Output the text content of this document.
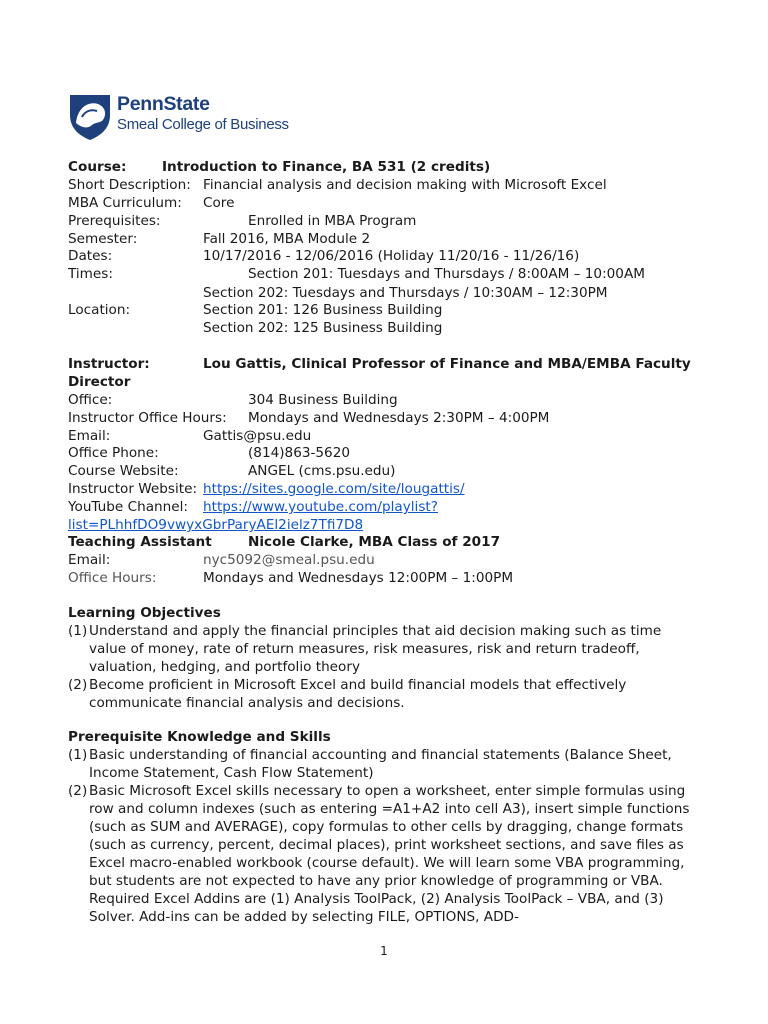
PennState
Smeal College of Business
Course:	Introduction to Finance, BA 531 (2 credits)
Short Description: Financial analysis and decision making with Microsoft Excel
MBA Curriculum: Core
Prerequisites:	Enrolled in MBA Program
Semester:	Fall 2016, MBA Module 2
Dates:	10/17/2016 - 12/06/2016 (Holiday 11/20/16 - 11/26/16)
Times:	Section 201: Tuesdays and Thursdays / 8:00AM – 10:00AM
Section 202: Tuesdays and Thursdays / 10:30AM – 12:30PM
Location:	Section 201: 126 Business Building
Section 202: 125 Business Building
Instructor:	Lou Gattis, Clinical Professor of Finance and MBA/EMBA Faculty
Director
Office:	304 Business Building
Instructor Office Hours: Mondays and Wednesdays 2:30PM – 4:00PM
Email:	Gattis@psu.edu
Office Phone:	(814)863-5620
Course Website:	ANGEL (cms.psu.edu)
Instructor Website: https://sites.google.com/site/lougattis/
YouTube Channel: https://www.youtube.com/playlist?
list=PLhhfDO9vwyxGbrParyAEl2ielz7Tfi7D8
Teaching Assistant	Nicole Clarke, MBA Class of 2017
Email:	nyc5092@smeal.psu.edu
Office Hours:	Mondays and Wednesdays 12:00PM – 1:00PM
Learning Objectives
(1) Understand and apply the financial principles that aid decision making such as time value of money, rate of return measures, risk measures, risk and return tradeoff, valuation, hedging, and portfolio theory
(2) Become proficient in Microsoft Excel and build financial models that effectively communicate financial analysis and decisions.
Prerequisite Knowledge and Skills
(1) Basic understanding of financial accounting and financial statements (Balance Sheet, Income Statement, Cash Flow Statement)
(2) Basic Microsoft Excel skills necessary to open a worksheet, enter simple formulas using row and column indexes (such as entering =A1+A2 into cell A3), insert simple functions (such as SUM and AVERAGE), copy formulas to other cells by dragging, change formats (such as currency, percent, decimal places), print worksheet sections, and save files as Excel macro-enabled workbook (course default). We will learn some VBA programming, but students are not expected to have any prior knowledge of programming or VBA. Required Excel Addins are (1) Analysis ToolPack, (2) Analysis ToolPack – VBA, and (3) Solver. Add-ins can be added by selecting FILE, OPTIONS, ADD-
1
